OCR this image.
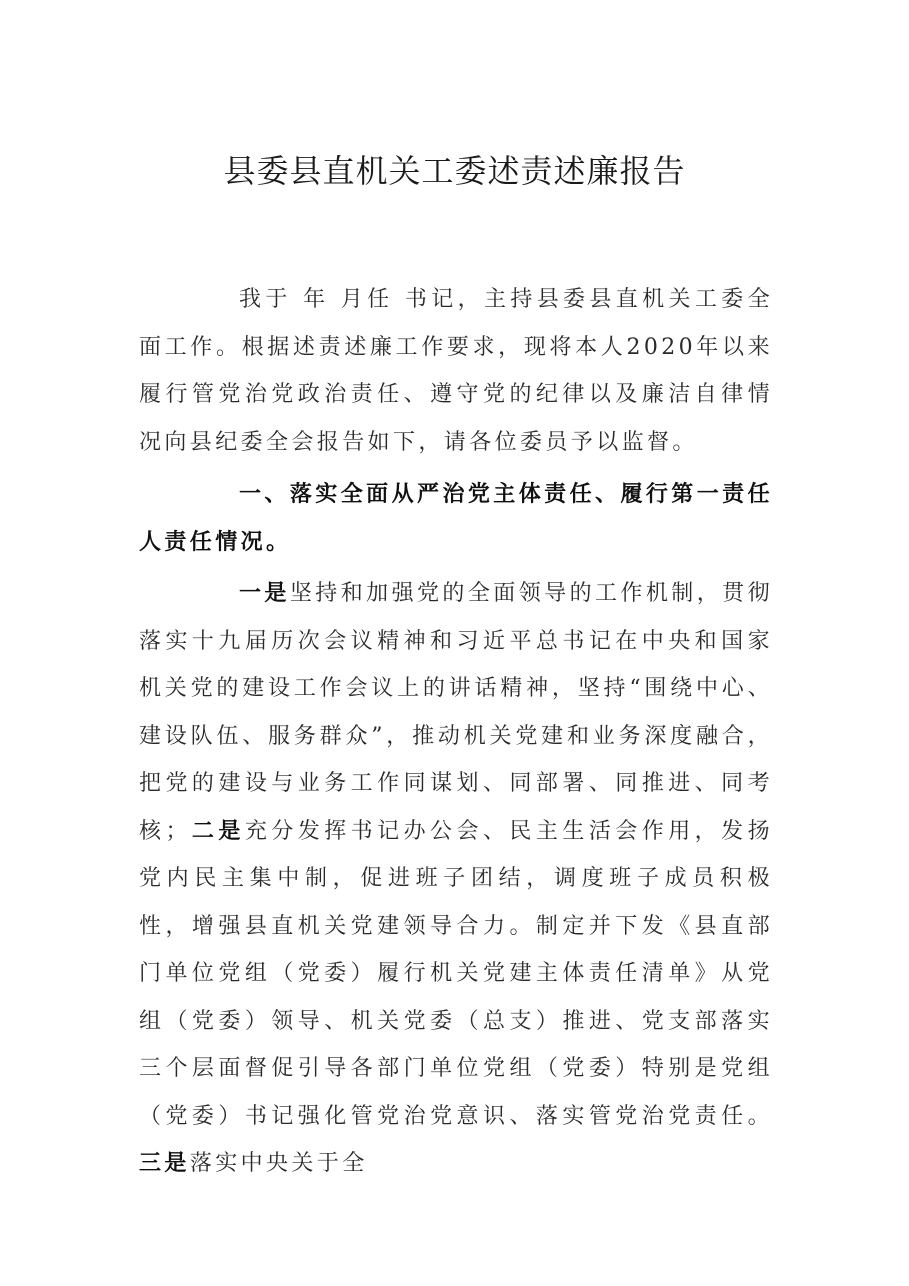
县委县直机关工委述责述廉报告

我于 年 月任 书记，主持县委县直机关工委全面工作。根据述责述廉工作要求，现将本人2020年以来履行管党治党政治责任、遵守党的纪律以及廉洁自律情况向县纪委全会报告如下，请各位委员予以监督。

一、落实全面从严治党主体责任、履行第一责任人责任情况。

一是坚持和加强党的全面领导的工作机制，贯彻落实十九届历次会议精神和习近平总书记在中央和国家机关党的建设工作会议上的讲话精神，坚持“围绕中心、建设队伍、服务群众”，推动机关党建和业务深度融合，把党的建设与业务工作同谋划、同部署、同推进、同考核；二是充分发挥书记办公会、民主生活会作用，发扬党内民主集中制，促进班子团结，调度班子成员积极性，增强县直机关党建领导合力。制定并下发《县直部门单位党组（党委）履行机关党建主体责任清单》从党组（党委）领导、机关党委（总支）推进、党支部落实三个层面督促引导各部门单位党组（党委）特别是党组（党委）书记强化管党治党意识、落实管党治党责任。三是落实中央关于全
